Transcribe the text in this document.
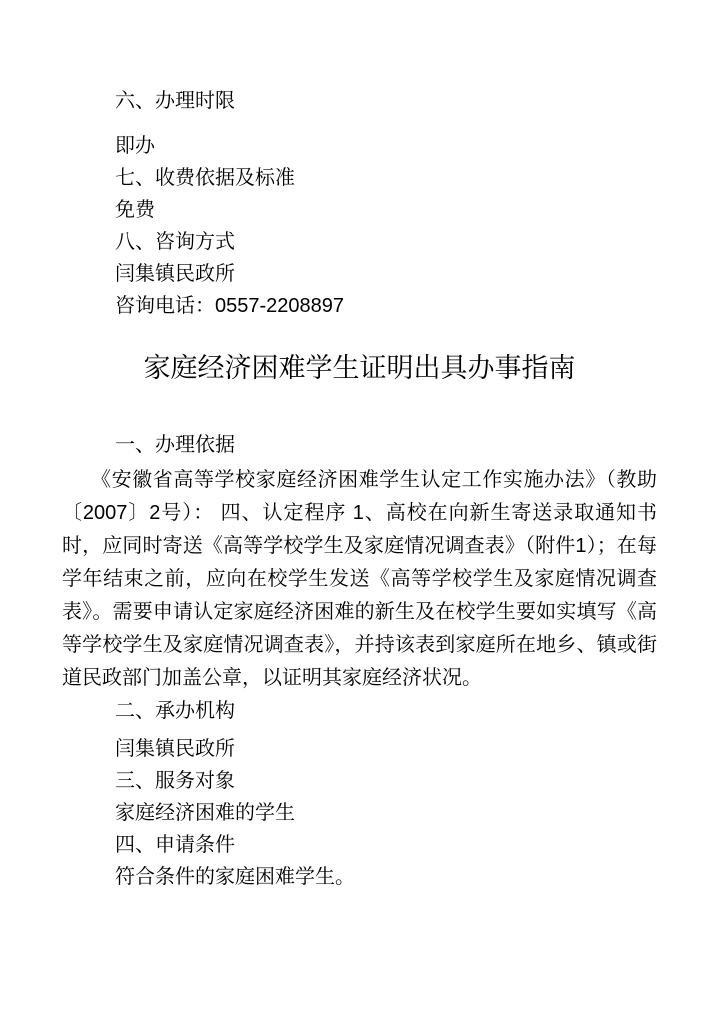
六、办理时限

即办

七、收费依据及标准

免费

八、咨询方式

闫集镇民政所

咨询电话：0557-2208897

家庭经济困难学生证明出具办事指南

一、办理依据

《安徽省高等学校家庭经济困难学生认定工作实施办法》（教助〔2007〕2号）： 四、认定程序 1、高校在向新生寄送录取通知书时，应同时寄送《高等学校学生及家庭情况调查表》（附件1）；在每学年结束之前，应向在校学生发送《高等学校学生及家庭情况调查表》。需要申请认定家庭经济困难的新生及在校学生要如实填写《高等学校学生及家庭情况调查表》，并持该表到家庭所在地乡、镇或街道民政部门加盖公章，以证明其家庭经济状况。

二、承办机构

闫集镇民政所

三、服务对象

家庭经济困难的学生

四、申请条件

符合条件的家庭困难学生。
